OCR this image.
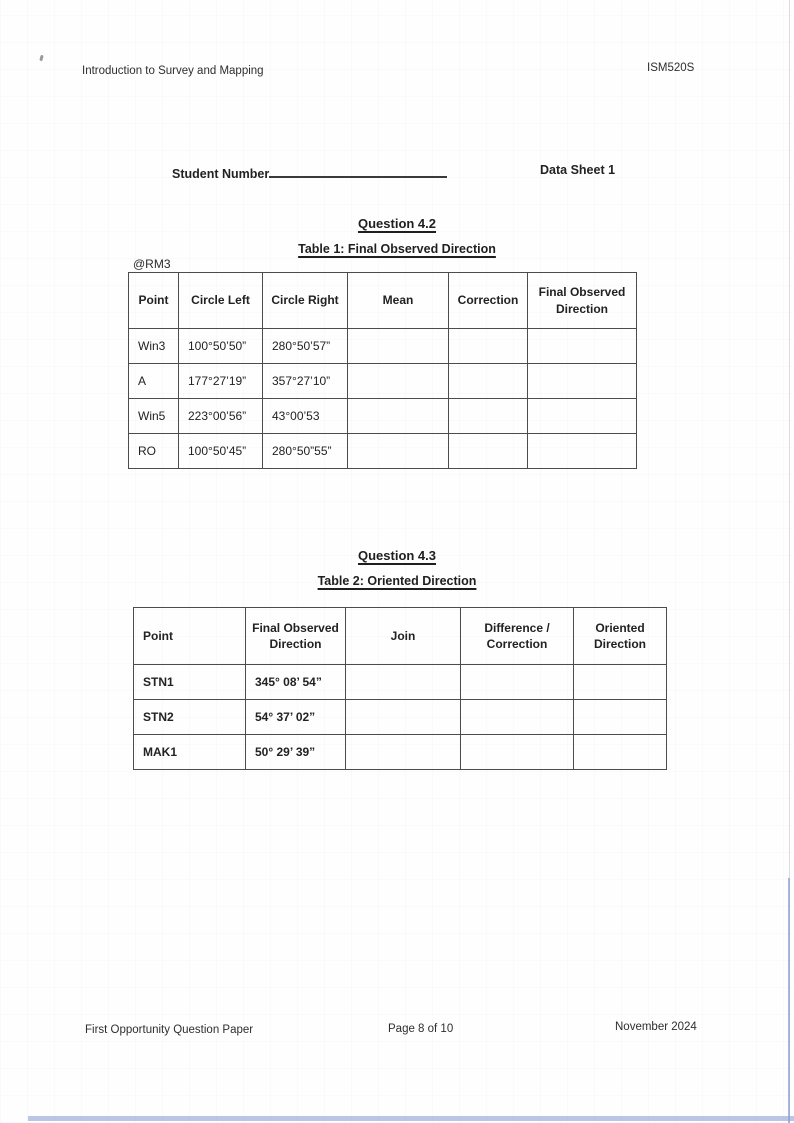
Introduction to Survey and Mapping	ISM520S
Student Number	Data Sheet 1
Question 4.2
Table 1: Final Observed Direction
@RM3
Point	Circle Left	Circle Right	Mean	Correction	Final Observed Direction
Win3	100°50’50”	280°50’57”			
A	177°27’19”	357°27’10”			
Win5	223°00’56”	43°00’53			
RO	100°50’45”	280°50”55”			
Question 4.3
Table 2: Oriented Direction
Point	Final Observed Direction	Join	Difference / Correction	Oriented Direction
STN1	345° 08’ 54”			
STN2	54° 37’ 02”			
MAK1	50° 29’ 39”			
First Opportunity Question Paper	Page 8 of 10	November 2024
